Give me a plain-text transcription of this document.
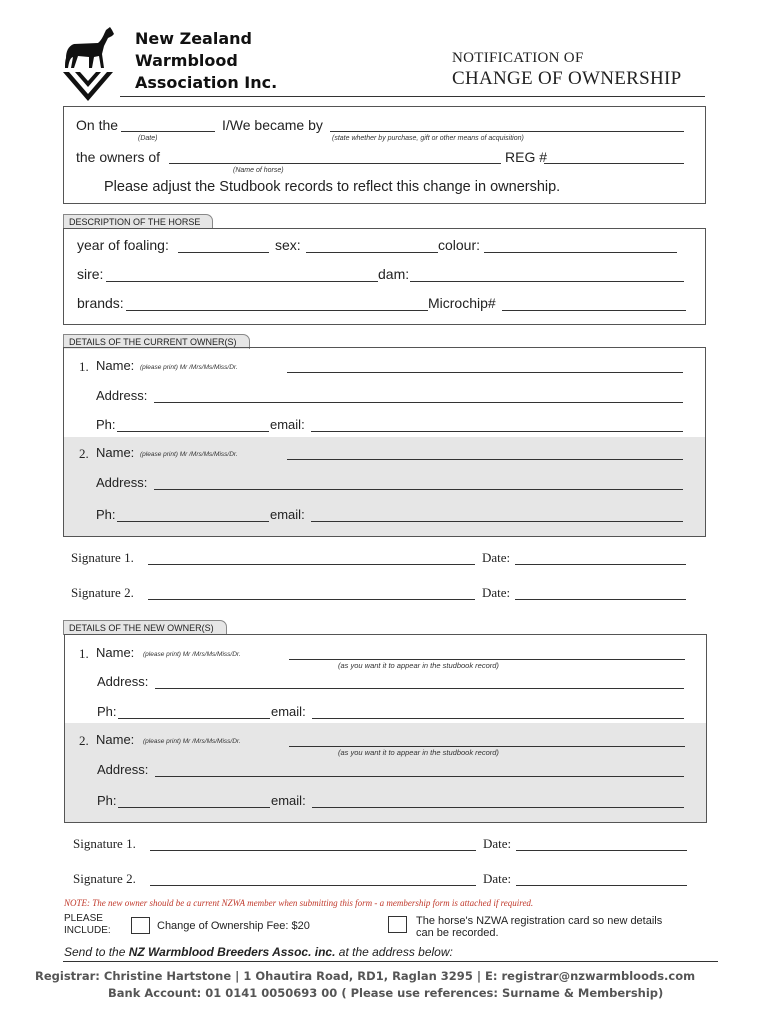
New Zealand
Warmblood
Association Inc.
NOTIFICATION OF
CHANGE OF OWNERSHIP
On the	I/We became by
(Date)	(state whether by purchase, gift or other means of acquisition)
the owners of	REG #
(Name of horse)
Please adjust the Studbook records to reflect this change in ownership.
DESCRIPTION OF THE HORSE
year of foaling:	sex:	colour:
sire:	dam:
brands:	Microchip#
DETAILS OF THE CURRENT OWNER(S)
1. Name: (please print) Mr /Mrs/Ms/Miss/Dr.
Address:
Ph:	email:
2. Name: (please print) Mr /Mrs/Ms/Miss/Dr.
Address:
Ph:	email:
Signature 1.	Date:
Signature 2.	Date:
DETAILS OF THE NEW OWNER(S)
1. Name: (please print) Mr /Mrs/Ms/Miss/Dr.
(as you want it to appear in the studbook record)
Address:
Ph:	email:
2. Name: (please print) Mr /Mrs/Ms/Miss/Dr.
(as you want it to appear in the studbook record)
Address:
Ph:	email:
Signature 1.	Date:
Signature 2.	Date:
NOTE: The new owner should be a current NZWA member when submitting this form - a membership form is attached if required.
PLEASE
INCLUDE:	Change of Ownership Fee: $20	The horse's NZWA registration card so new details
can be recorded.
Send to the NZ Warmblood Breeders Assoc. inc. at the address below:
Registrar: Christine Hartstone | 1 Ohautira Road, RD1, Raglan 3295 | E: registrar@nzwarmbloods.com
Bank Account: 01 0141 0050693 00 ( Please use references: Surname & Membership)
